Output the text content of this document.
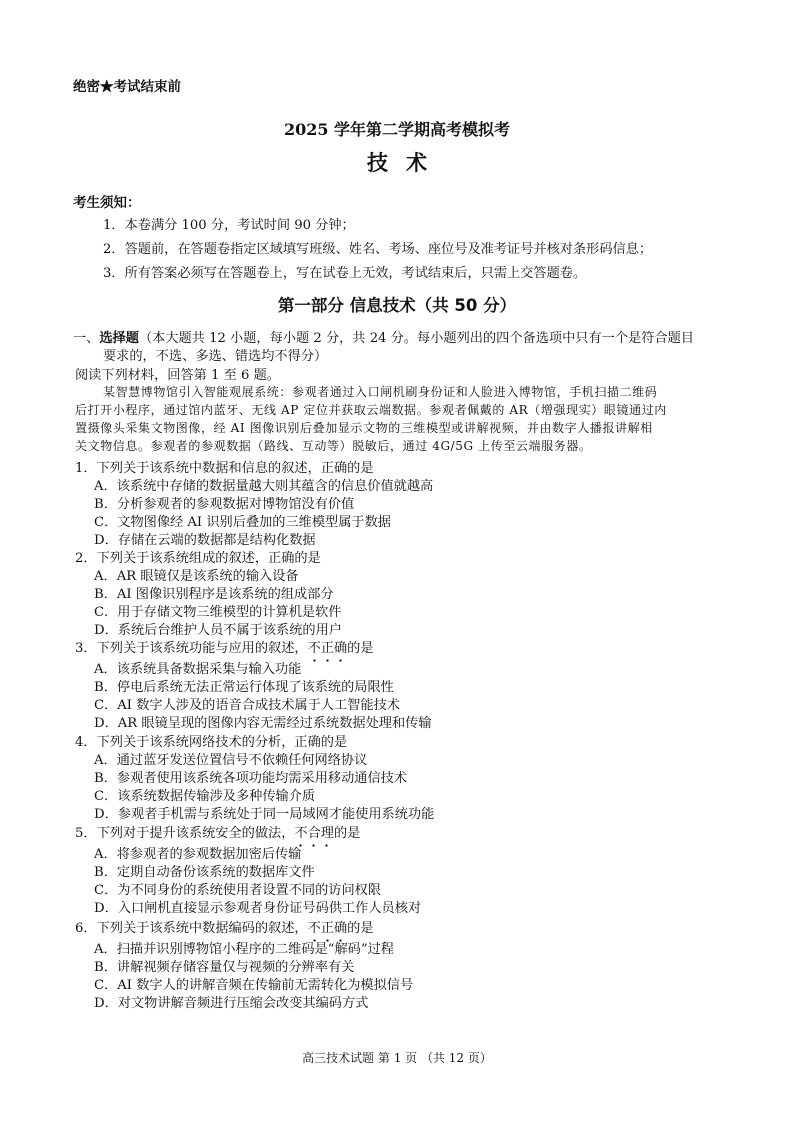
绝密★考试结束前
2025 学年第二学期高考模拟考
技术
考生须知：
1．本卷满分 100 分，考试时间 90 分钟；
2．答题前，在答题卷指定区域填写班级、姓名、考场、座位号及准考证号并核对条形码信息；
3．所有答案必须写在答题卷上，写在试卷上无效，考试结束后，只需上交答题卷。
第一部分 信息技术（共 50 分）
一、选择题（本大题共 12 小题，每小题 2 分，共 24 分。每小题列出的四个备选项中只有一个是符合题目
要求的，不选、多选、错选均不得分）
阅读下列材料，回答第 1 至 6 题。
某智慧博物馆引入智能观展系统：参观者通过入口闸机刷身份证和人脸进入博物馆，手机扫描二维码
后打开小程序，通过馆内蓝牙、无线 AP 定位并获取云端数据。参观者佩戴的 AR（增强现实）眼镜通过内
置摄像头采集文物图像，经 AI 图像识别后叠加显示文物的三维模型或讲解视频，并由数字人播报讲解相
关文物信息。参观者的参观数据（路线、互动等）脱敏后，通过 4G/5G 上传至云端服务器。
1．下列关于该系统中数据和信息的叙述，正确的是
A．该系统中存储的数据量越大则其蕴含的信息价值就越高
B．分析参观者的参观数据对博物馆没有价值
C．文物图像经 AI 识别后叠加的三维模型属于数据
D．存储在云端的数据都是结构化数据
2．下列关于该系统组成的叙述，正确的是
A．AR 眼镜仅是该系统的输入设备
B．AI 图像识别程序是该系统的组成部分
C．用于存储文物三维模型的计算机是软件
D．系统后台维护人员不属于该系统的用户
3．下列关于该系统功能与应用的叙述，不正确的是
A．该系统具备数据采集与输入功能
B．停电后系统无法正常运行体现了该系统的局限性
C．AI 数字人涉及的语音合成技术属于人工智能技术
D．AR 眼镜呈现的图像内容无需经过系统数据处理和传输
4．下列关于该系统网络技术的分析，正确的是
A．通过蓝牙发送位置信号不依赖任何网络协议
B．参观者使用该系统各项功能均需采用移动通信技术
C．该系统数据传输涉及多种传输介质
D．参观者手机需与系统处于同一局域网才能使用系统功能
5．下列对于提升该系统安全的做法，不合理的是
A．将参观者的参观数据加密后传输
B．定期自动备份该系统的数据库文件
C．为不同身份的系统使用者设置不同的访问权限
D．入口闸机直接显示参观者身份证号码供工作人员核对
6．下列关于该系统中数据编码的叙述，不正确的是
A．扫描并识别博物馆小程序的二维码是“解码”过程
B．讲解视频存储容量仅与视频的分辨率有关
C．AI 数字人的讲解音频在传输前无需转化为模拟信号
D．对文物讲解音频进行压缩会改变其编码方式
高三技术试题 第 1 页 （共 12 页）
